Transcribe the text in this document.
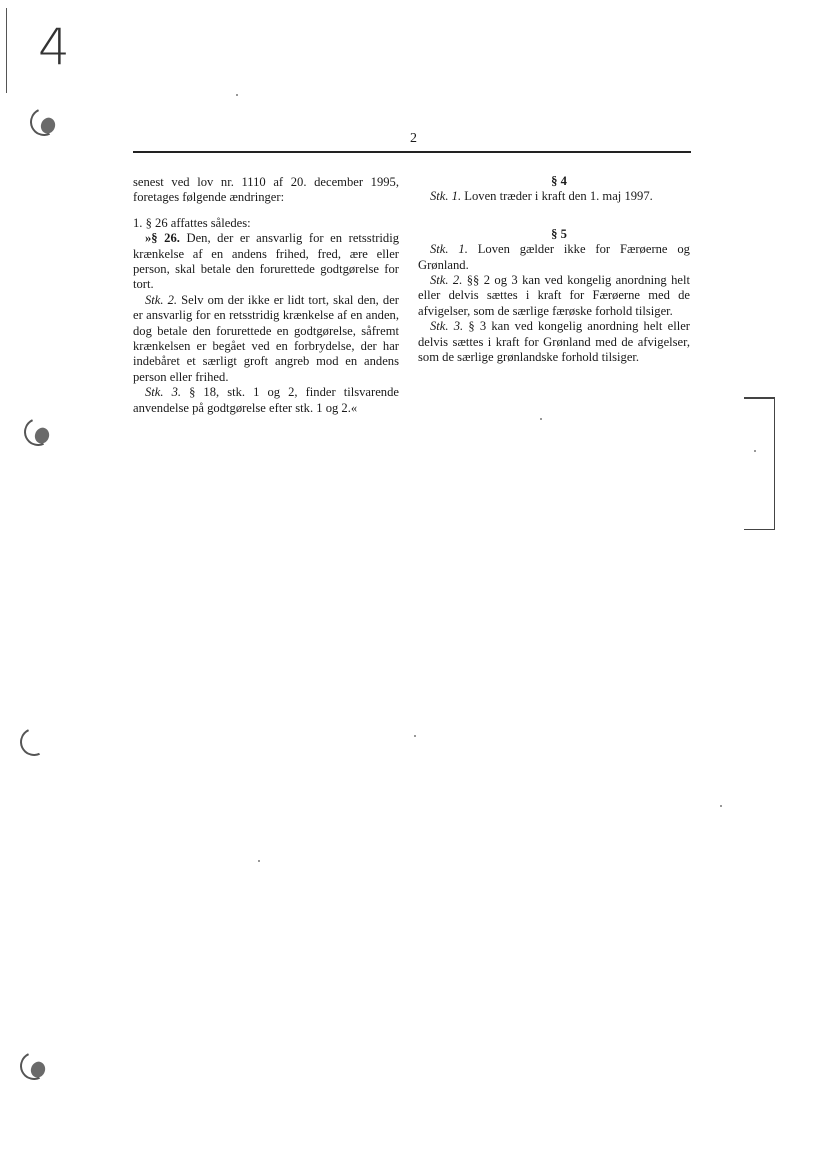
4
2

senest ved lov nr. 1110 af 20. december 1995, foretages følgende ændringer:

1. § 26 affattes således:

»§ 26. Den, der er ansvarlig for en retsstridig krænkelse af en andens frihed, fred, ære eller person, skal betale den forurettede godtgørelse for tort.

Stk. 2. Selv om der ikke er lidt tort, skal den, der er ansvarlig for en retsstridig krænkelse af en anden, dog betale den forurettede en godtgørelse, såfremt krænkelsen er begået ved en forbrydelse, der har indebåret et særligt groft angreb mod en andens person eller frihed.

Stk. 3. § 18, stk. 1 og 2, finder tilsvarende anvendelse på godtgørelse efter stk. 1 og 2.«

§ 4

Stk. 1. Loven træder i kraft den 1. maj 1997.

§ 5

Stk. 1. Loven gælder ikke for Færøerne og Grønland.

Stk. 2. §§ 2 og 3 kan ved kongelig anordning helt eller delvis sættes i kraft for Færøerne med de afvigelser, som de særlige færøske forhold tilsiger.

Stk. 3. § 3 kan ved kongelig anordning helt eller delvis sættes i kraft for Grønland med de afvigelser, som de særlige grønlandske forhold tilsiger.
